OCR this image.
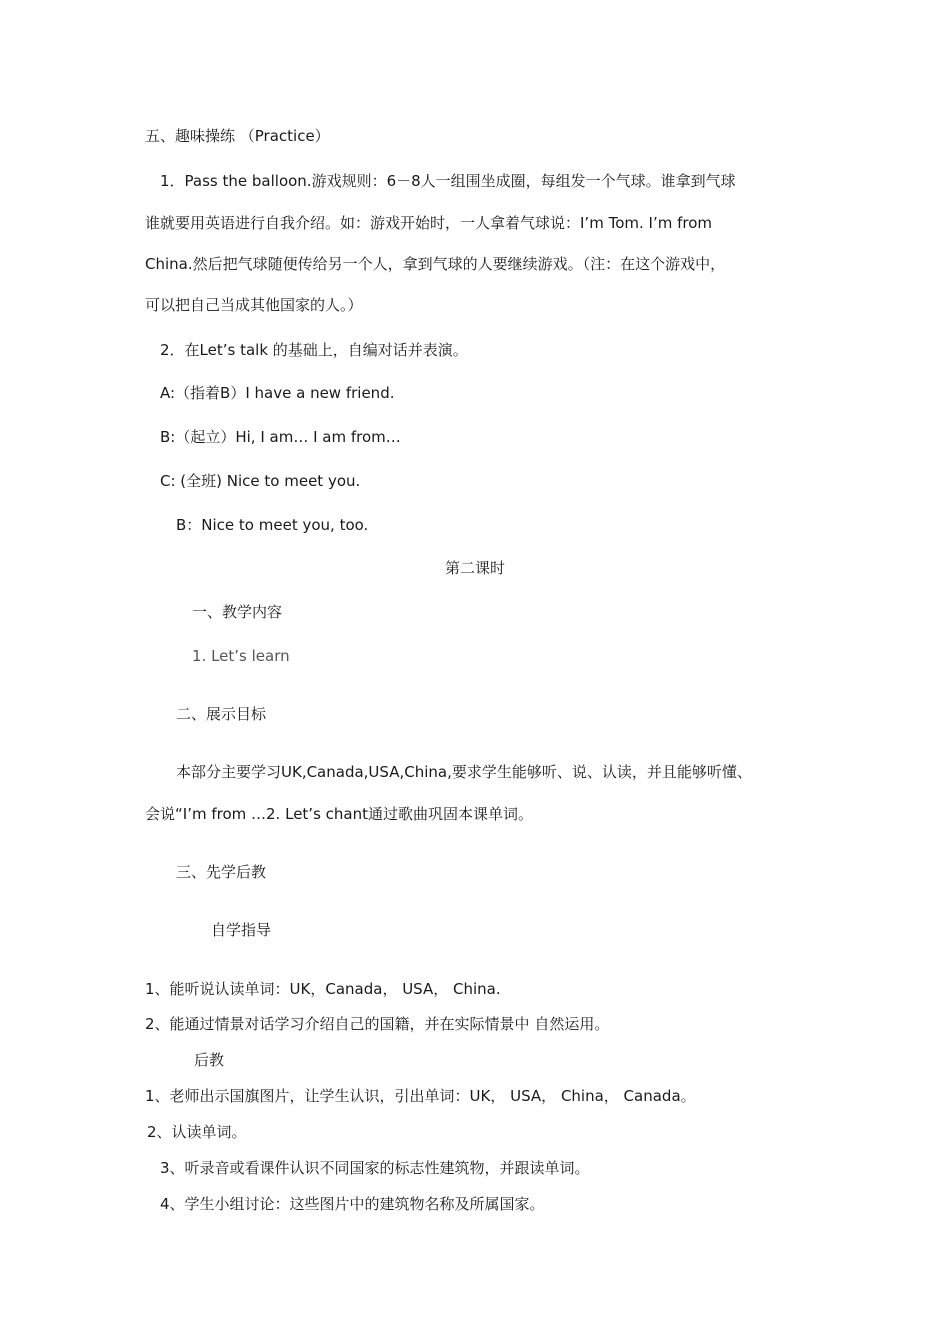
五、趣味操练 （Practice）
1．Pass the balloon.游戏规则：6－8人一组围坐成圈，每组发一个气球。谁拿到气球
谁就要用英语进行自我介绍。如：游戏开始时，一人拿着气球说：I’m Tom. I’m from
China.然后把气球随便传给另一个人，拿到气球的人要继续游戏。（注：在这个游戏中，
可以把自己当成其他国家的人。）
2．在Let’s talk 的基础上，自编对话并表演。
A:（指着B）I have a new friend.
B:（起立）Hi, I am… I am from…
C: (全班) Nice to meet you.
B：Nice to meet you, too.
第二课时
一、教学内容
1. Let’s learn
二、展示目标
本部分主要学习UK,Canada,USA,China,要求学生能够听、说、认读，并且能够听懂、
会说“I’m from …2. Let’s chant通过歌曲巩固本课单词。
三、先学后教
自学指导
1、能听说认读单词：UK，Canada， USA， China.
2、能通过情景对话学习介绍自己的国籍，并在实际情景中 自然运用。
后教
1、老师出示国旗图片，让学生认识，引出单词：UK， USA， China， Canada。
2、认读单词。
3、听录音或看课件认识不同国家的标志性建筑物，并跟读单词。
4、学生小组讨论：这些图片中的建筑物名称及所属国家。
